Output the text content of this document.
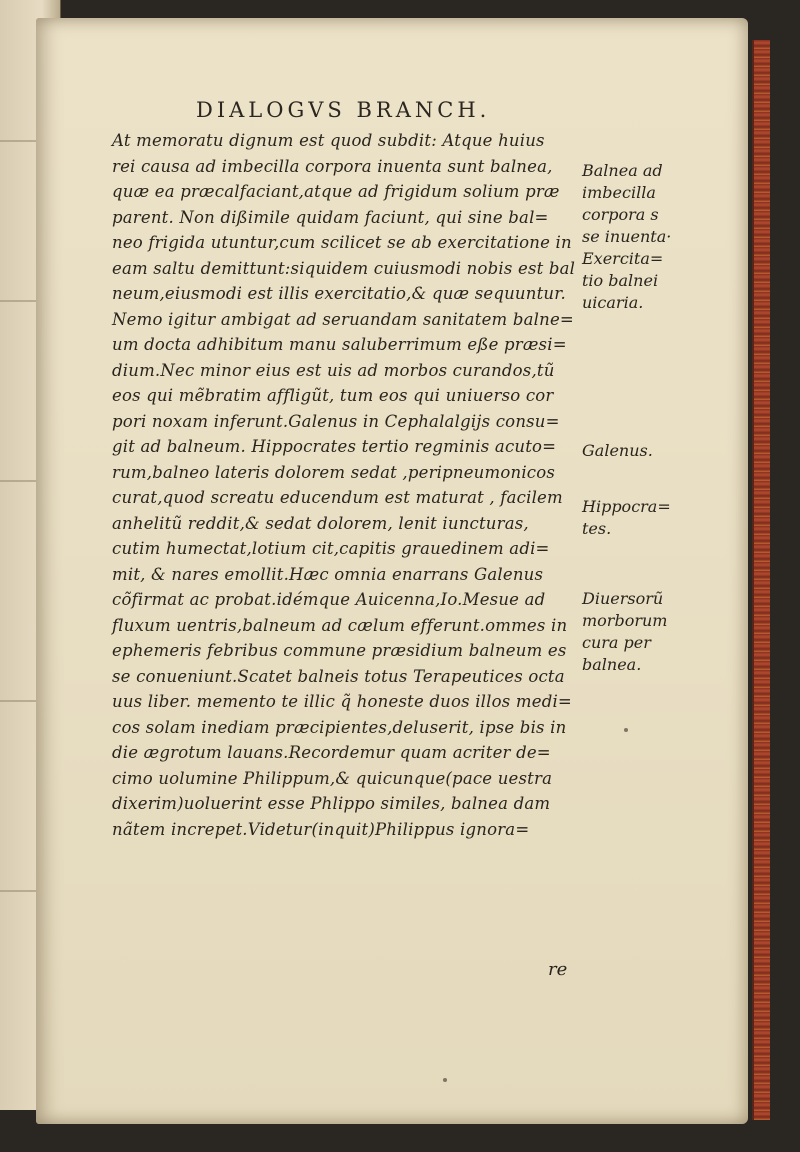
DIALOGVS BRANCH.
At memoratu dignum est quod subdit: Atque huius
rei causa ad imbecilla corpora inuenta sunt balnea,
quæ ea præcalfaciant,atque ad frigidum solium præ
parent. Non dißimile quidam faciunt, qui sine bal=
neo frigida utuntur,cum scilicet se ab exercitatione in
eam saltu demittunt:siquidem cuiusmodi nobis est bal
neum,eiusmodi est illis exercitatio,& quæ sequuntur.
Nemo igitur ambigat ad seruandam sanitatem balne=
um docta adhibitum manu saluberrimum eße præsi=
dium.Nec minor eius est uis ad morbos curandos,tũ
eos qui mẽbratim affligũt, tum eos qui uniuerso cor
pori noxam inferunt.Galenus in Cephalalgijs consu=
git ad balneum. Hippocrates tertio regminis acuto=
rum,balneo lateris dolorem sedat ,peripneumonicos
curat,quod screatu educendum est maturat , facilem
anhelitũ reddit,& sedat dolorem, lenit iuncturas,
cutim humectat,lotium cit,capitis grauedinem adi=
mit, & nares emollit.Hæc omnia enarrans Galenus
cõfirmat ac probat.idémque Auicenna,Io.Mesue ad
fluxum uentris,balneum ad cælum efferunt.ommes in
ephemeris febribus commune præsidium balneum es
se conueniunt.Scatet balneis totus Terapeutices octa
uus liber. memento te illic q̃ honeste duos illos medi=
cos solam inediam præcipientes,deluserit, ipse bis in
die ægrotum lauans.Recordemur quam acriter de=
cimo uolumine Philippum,& quicunque(pace uestra
dixerim)uoluerint esse Phlippo similes, balnea dam
nãtem increpet.Videtur(inquit)Philippus ignora=
re
Balnea ad
imbecilla
corpora s
se inuenta·
Exercita=
tio balnei
uicaria.
Galenus.
Hippocra=
tes.
Diuersorũ
morborum
cura per
balnea.
